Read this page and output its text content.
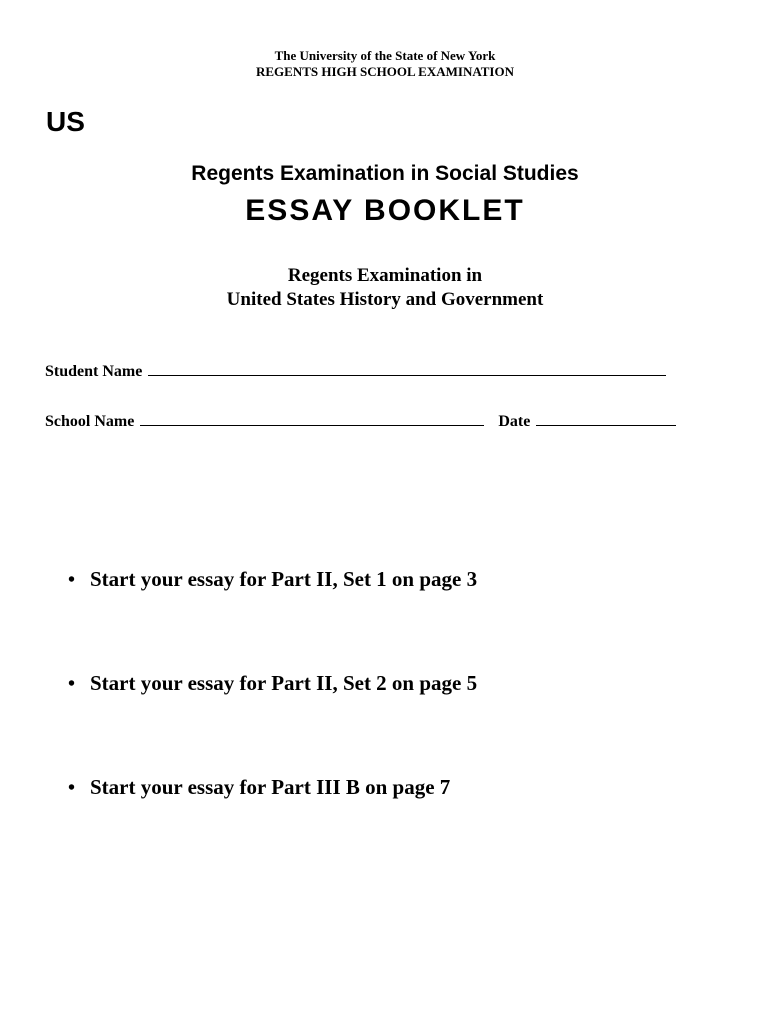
The University of the State of New York
REGENTS HIGH SCHOOL EXAMINATION
US
Regents Examination in Social Studies
ESSAY BOOKLET
Regents Examination in
United States History and Government
Student Name
School Name	Date
• Start your essay for Part II, Set 1 on page 3
• Start your essay for Part II, Set 2 on page 5
• Start your essay for Part III B on page 7
